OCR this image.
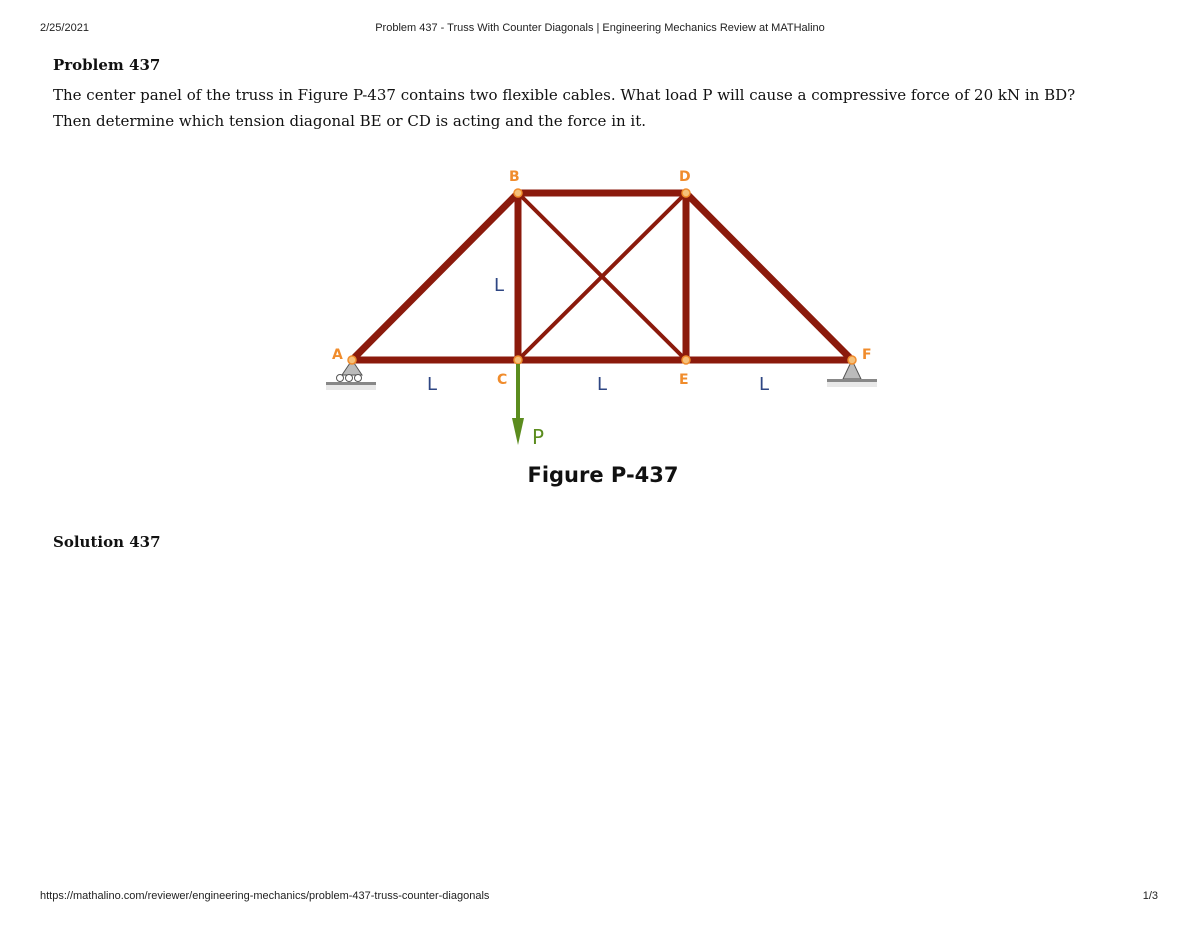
2/25/2021	Problem 437 - Truss With Counter Diagonals | Engineering Mechanics Review at MATHalino
Problem 437
The center panel of the truss in Figure P-437 contains two flexible cables. What load P will cause a compressive force of 20 kN in BD? Then determine which tension diagonal BE or CD is acting and the force in it.
A
B
C
D
E
F
L
L	L	L
P
Figure P-437
Solution 437
https://mathalino.com/reviewer/engineering-mechanics/problem-437-truss-counter-diagonals	1/3
